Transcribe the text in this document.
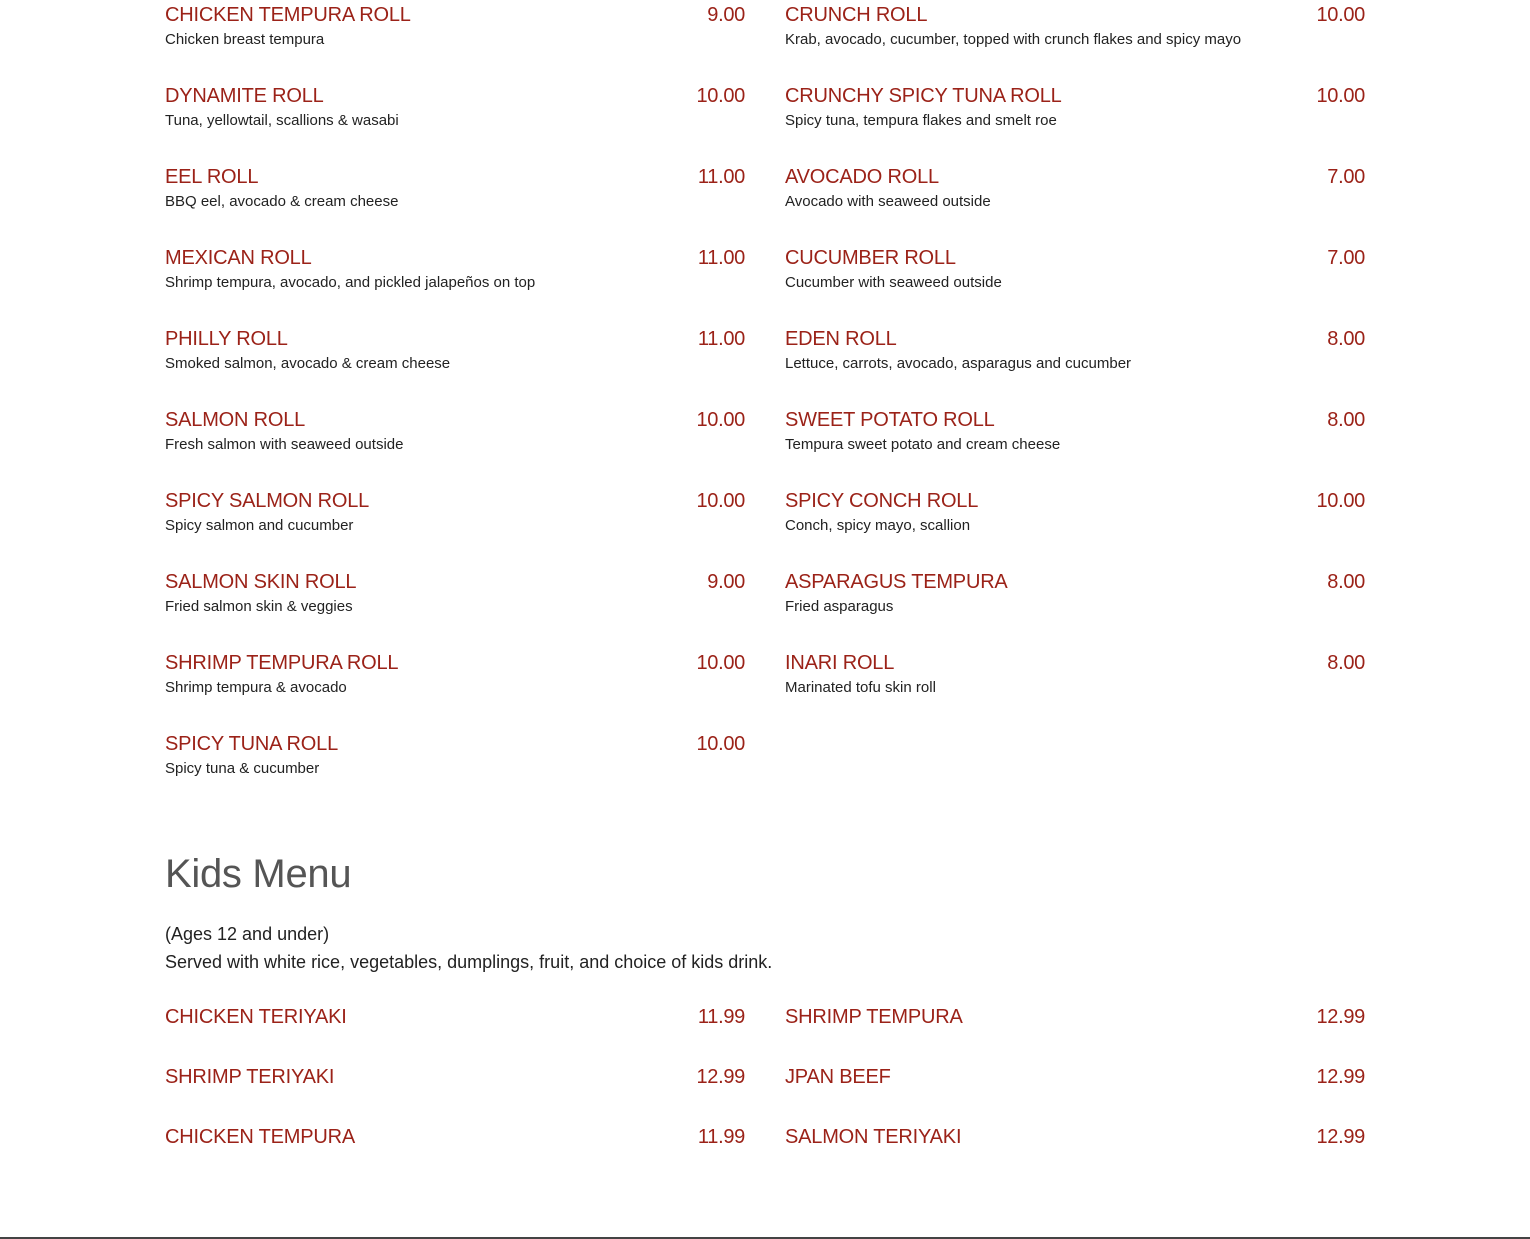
CHICKEN TEMPURA ROLL	9.00
Chicken breast tempura
DYNAMITE ROLL	10.00
Tuna, yellowtail, scallions & wasabi
EEL ROLL	11.00
BBQ eel, avocado & cream cheese
MEXICAN ROLL	11.00
Shrimp tempura, avocado, and pickled jalapeños on top
PHILLY ROLL	11.00
Smoked salmon, avocado & cream cheese
SALMON ROLL	10.00
Fresh salmon with seaweed outside
SPICY SALMON ROLL	10.00
Spicy salmon and cucumber
SALMON SKIN ROLL	9.00
Fried salmon skin & veggies
SHRIMP TEMPURA ROLL	10.00
Shrimp tempura & avocado
SPICY TUNA ROLL	10.00
Spicy tuna & cucumber
CRUNCH ROLL	10.00
Krab, avocado, cucumber, topped with crunch flakes and spicy mayo
CRUNCHY SPICY TUNA ROLL	10.00
Spicy tuna, tempura flakes and smelt roe
AVOCADO ROLL	7.00
Avocado with seaweed outside
CUCUMBER ROLL	7.00
Cucumber with seaweed outside
EDEN ROLL	8.00
Lettuce, carrots, avocado, asparagus and cucumber
SWEET POTATO ROLL	8.00
Tempura sweet potato and cream cheese
SPICY CONCH ROLL	10.00
Conch, spicy mayo, scallion
ASPARAGUS TEMPURA	8.00
Fried asparagus
INARI ROLL	8.00
Marinated tofu skin roll
Kids Menu
(Ages 12 and under)
Served with white rice, vegetables, dumplings, fruit, and choice of kids drink.
CHICKEN TERIYAKI	11.99
SHRIMP TERIYAKI	12.99
CHICKEN TEMPURA	11.99
SHRIMP TEMPURA	12.99
JPAN BEEF	12.99
SALMON TERIYAKI	12.99
